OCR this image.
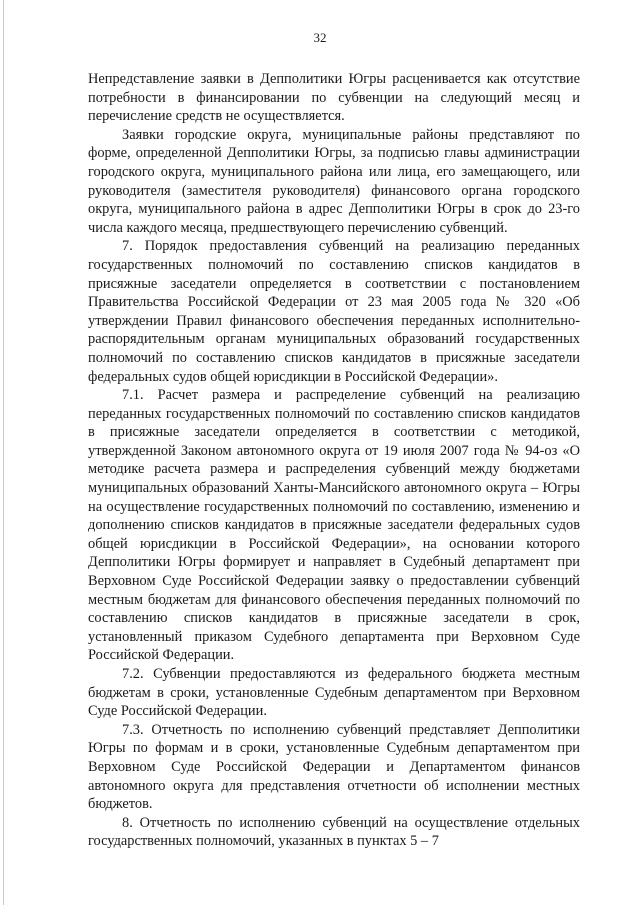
32

Непредставление заявки в Депполитики Югры расценивается как отсутствие потребности в финансировании по субвенции на следующий месяц и перечисление средств не осуществляется.

Заявки городские округа, муниципальные районы представляют по форме, определенной Депполитики Югры, за подписью главы администрации городского округа, муниципального района или лица, его замещающего, или руководителя (заместителя руководителя) финансового органа городского округа, муниципального района в адрес Депполитики Югры в срок до 23-го числа каждого месяца, предшествующего перечислению субвенций.

7. Порядок предоставления субвенций на реализацию переданных государственных полномочий по составлению списков кандидатов в присяжные заседатели определяется в соответствии с постановлением Правительства Российской Федерации от 23 мая 2005 года № 320 «Об утверждении Правил финансового обеспечения переданных исполнительно-распорядительным органам муниципальных образований государственных полномочий по составлению списков кандидатов в присяжные заседатели федеральных судов общей юрисдикции в Российской Федерации».

7.1. Расчет размера и распределение субвенций на реализацию переданных государственных полномочий по составлению списков кандидатов в присяжные заседатели определяется в соответствии с методикой, утвержденной Законом автономного округа от 19 июля 2007 года № 94-оз «О методике расчета размера и распределения субвенций между бюджетами муниципальных образований Ханты-Мансийского автономного округа – Югры на осуществление государственных полномочий по составлению, изменению и дополнению списков кандидатов в присяжные заседатели федеральных судов общей юрисдикции в Российской Федерации», на основании которого Депполитики Югры формирует и направляет в Судебный департамент при Верховном Суде Российской Федерации заявку о предоставлении субвенций местным бюджетам для финансового обеспечения переданных полномочий по составлению списков кандидатов в присяжные заседатели в срок, установленный приказом Судебного департамента при Верховном Суде Российской Федерации.

7.2. Субвенции предоставляются из федерального бюджета местным бюджетам в сроки, установленные Судебным департаментом при Верховном Суде Российской Федерации.

7.3. Отчетность по исполнению субвенций представляет Депполитики Югры по формам и в сроки, установленные Судебным департаментом при Верховном Суде Российской Федерации и Департаментом финансов автономного округа для представления отчетности об исполнении местных бюджетов.

8. Отчетность по исполнению субвенций на осуществление отдельных государственных полномочий, указанных в пунктах 5 – 7
